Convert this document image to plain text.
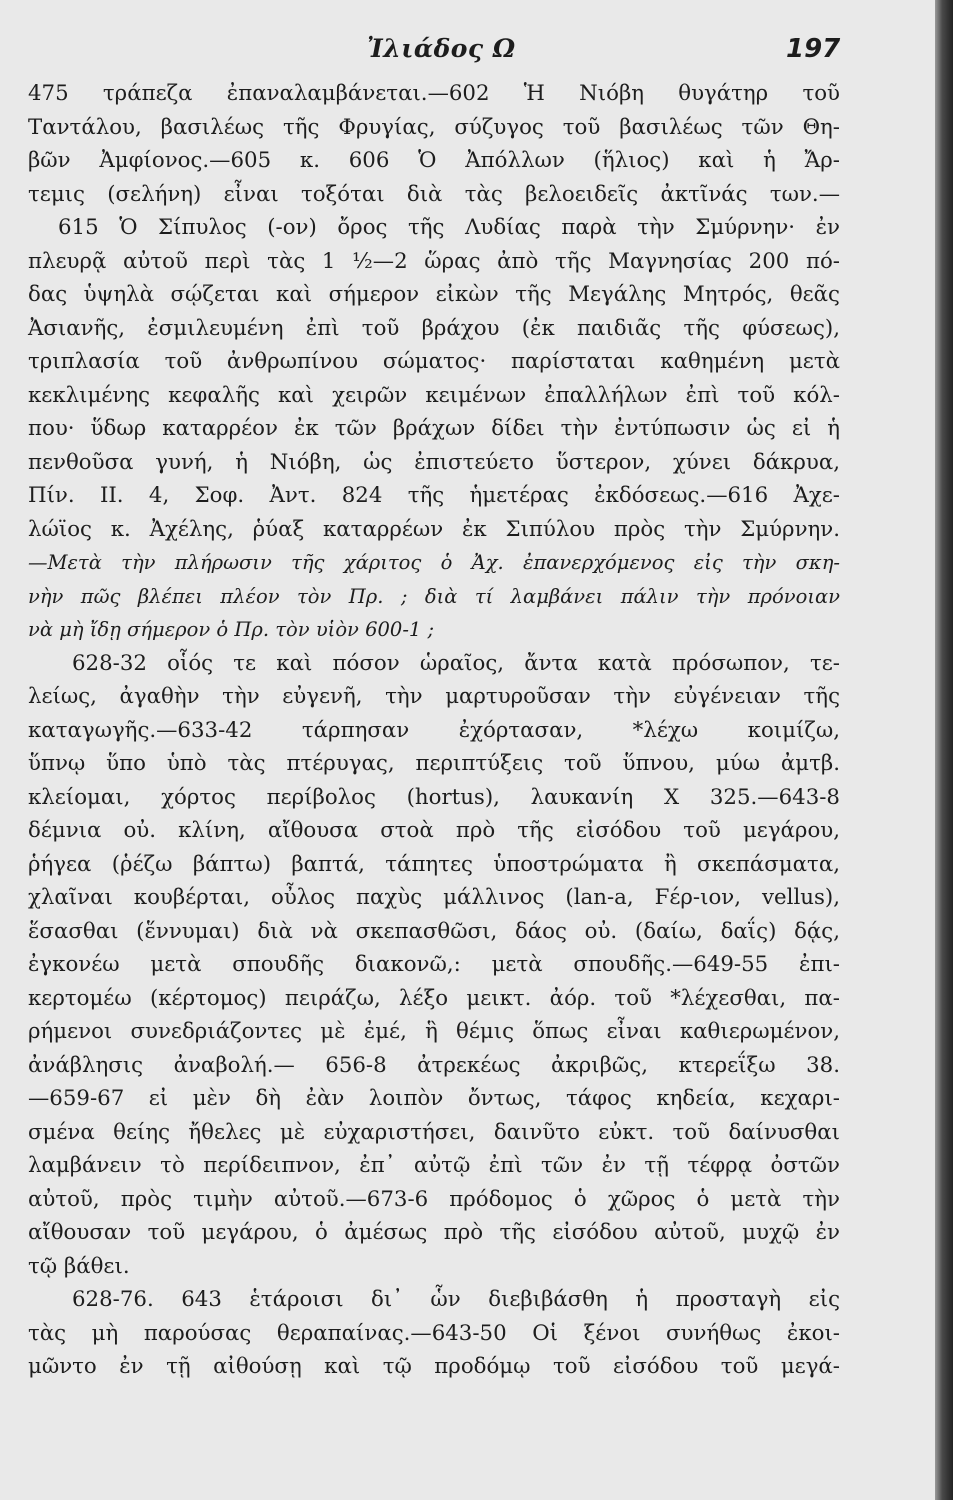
Ἰλιάδος Ω	197
475 τράπεζα ἐπαναλαμβάνεται.—602 Ἡ Νιόβη θυγάτηρ τοῦ
Ταντάλου, βασιλέως τῆς Φρυγίας, σύζυγος τοῦ βασιλέως τῶν Θη-
βῶν Ἀμφίονος.—605 κ. 606 Ὁ Ἀπόλλων (ἥλιος) καὶ ἡ Ἄρ-
τεμις (σελήνη) εἶναι τοξόται διὰ τὰς βελοειδεῖς ἀκτῖνάς των.—
615 Ὁ Σίπυλος (-ον) ὄρος τῆς Λυδίας παρὰ τὴν Σμύρνην· ἐν
πλευρᾷ αὐτοῦ περὶ τὰς 1 ½—2 ὥρας ἀπὸ τῆς Μαγνησίας 200 πό-
δας ὑψηλὰ σῴζεται καὶ σήμερον εἰκὼν τῆς Μεγάλης Μητρός, θεᾶς
Ἀσιανῆς, ἐσμιλευμένη ἐπὶ τοῦ βράχου (ἐκ παιδιᾶς τῆς φύσεως),
τριπλασία τοῦ ἀνθρωπίνου σώματος· παρίσταται καθημένη μετὰ
κεκλιμένης κεφαλῆς καὶ χειρῶν κειμένων ἐπαλλήλων ἐπὶ τοῦ κόλ-
που· ὕδωρ καταρρέον ἐκ τῶν βράχων δίδει τὴν ἐντύπωσιν ὡς εἰ ἡ
πενθοῦσα γυνή, ἡ Νιόβη, ὡς ἐπιστεύετο ὕστερον, χύνει δάκρυα,
Πίν. II. 4, Σοφ. Ἀντ. 824 τῆς ἡμετέρας ἐκδόσεως.—616 Ἀχε-
λώϊος κ. Ἀχέλης, ῥύαξ καταρρέων ἐκ Σιπύλου πρὸς τὴν Σμύρνην.
—Μετὰ τὴν πλήρωσιν τῆς χάριτος ὁ Ἀχ. ἐπανερχόμενος εἰς τὴν σκη-
νὴν πῶς βλέπει πλέον τὸν Πρ. ; διὰ τί λαμβάνει πάλιν τὴν πρόνοιαν
νὰ μὴ ἴδῃ σήμερον ὁ Πρ. τὸν υἱὸν 600-1 ;
628-32 οἷός τε καὶ πόσον ὡραῖος, ἄντα κατὰ πρόσωπον, τε-
λείως, ἀγαθὴν τὴν εὐγενῆ, τὴν μαρτυροῦσαν τὴν εὐγένειαν τῆς
καταγωγῆς.—633-42 τάρπησαν ἐχόρτασαν, *λέχω κοιμίζω,
ὕπνῳ ὕπο ὑπὸ τὰς πτέρυγας, περιπτύξεις τοῦ ὕπνου, μύω ἀμτβ.
κλείομαι, χόρτος περίβολος (hortus), λαυκανίη Χ 325.—643-8
δέμνια οὐ. κλίνη, αἴθουσα στοὰ πρὸ τῆς εἰσόδου τοῦ μεγάρου,
ῥήγεα (ῥέζω βάπτω) βαπτά, τάπητες ὑποστρώματα ἢ σκεπάσματα,
χλαῖναι κουβέρται, οὖλος παχὺς μάλλινος (lan-a, Ϝέρ-ιον, vellus),
ἕσασθαι (ἕννυμαι) διὰ νὰ σκεπασθῶσι, δάος οὐ. (δαίω, δαΐς) δᾴς,
ἐγκονέω μετὰ σπουδῆς διακονῶ,: μετὰ σπουδῆς.—649-55 ἐπι-
κερτομέω (κέρτομος) πειράζω, λέξο μεικτ. ἀόρ. τοῦ *λέχεσθαι, πα-
ρήμενοι συνεδριάζοντες μὲ ἐμέ, ἣ θέμις ὅπως εἶναι καθιερωμένον,
ἀνάβλησις ἀναβολή.— 656-8 ἀτρεκέως ἀκριβῶς, κτερεΐξω 38.
—659-67 εἰ μὲν δὴ ἐὰν λοιπὸν ὄντως, τάφος κηδεία, κεχαρι-
σμένα θείης ἤθελες μὲ εὐχαριστήσει, δαινῦτο εὐκτ. τοῦ δαίνυσθαι
λαμβάνειν τὸ περίδειπνον, ἐπ᾽ αὐτῷ ἐπὶ τῶν ἐν τῇ τέφρᾳ ὀστῶν
αὐτοῦ, πρὸς τιμὴν αὐτοῦ.—673-6 πρόδομος ὁ χῶρος ὁ μετὰ τὴν
αἴθουσαν τοῦ μεγάρου, ὁ ἀμέσως πρὸ τῆς εἰσόδου αὐτοῦ, μυχῷ ἐν
τῷ βάθει.
628-76. 643 ἑτάροισι δι᾽ ὧν διεβιβάσθη ἡ προσταγὴ εἰς
τὰς μὴ παρούσας θεραπαίνας.—643-50 Οἱ ξένοι συνήθως ἐκοι-
μῶντο ἐν τῇ αἰθούσῃ καὶ τῷ προδόμῳ τοῦ εἰσόδου τοῦ μεγά-
